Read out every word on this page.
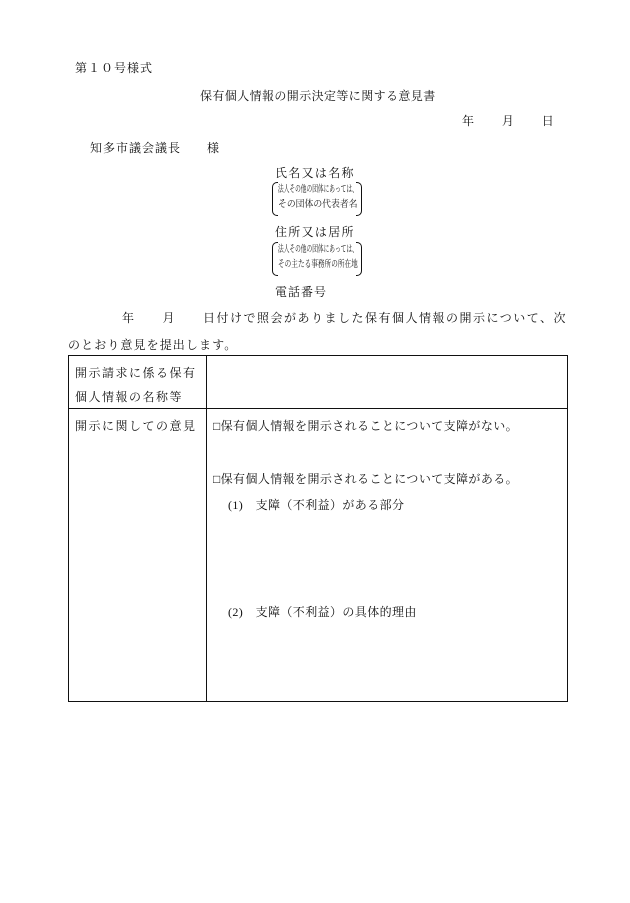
第１０号様式
保有個人情報の開示決定等に関する意見書
年　　月　　日
知多市議会議長　　様
氏名又は名称
法人その他の団体にあっては、
その団体の代表者名
住所又は居所
法人その他の団体にあっては、
その主たる事務所の所在地
電話番号
　　　　年　　月　　日付けで照会がありました保有個人情報の開示について、次
のとおり意見を提出します。
開示請求に係る保有
個人情報の名称等
開示に関しての意見 □保有個人情報を開示されることについて支障がない。
□保有個人情報を開示されることについて支障がある。
(1)　支障（不利益）がある部分
(2)　支障（不利益）の具体的理由
